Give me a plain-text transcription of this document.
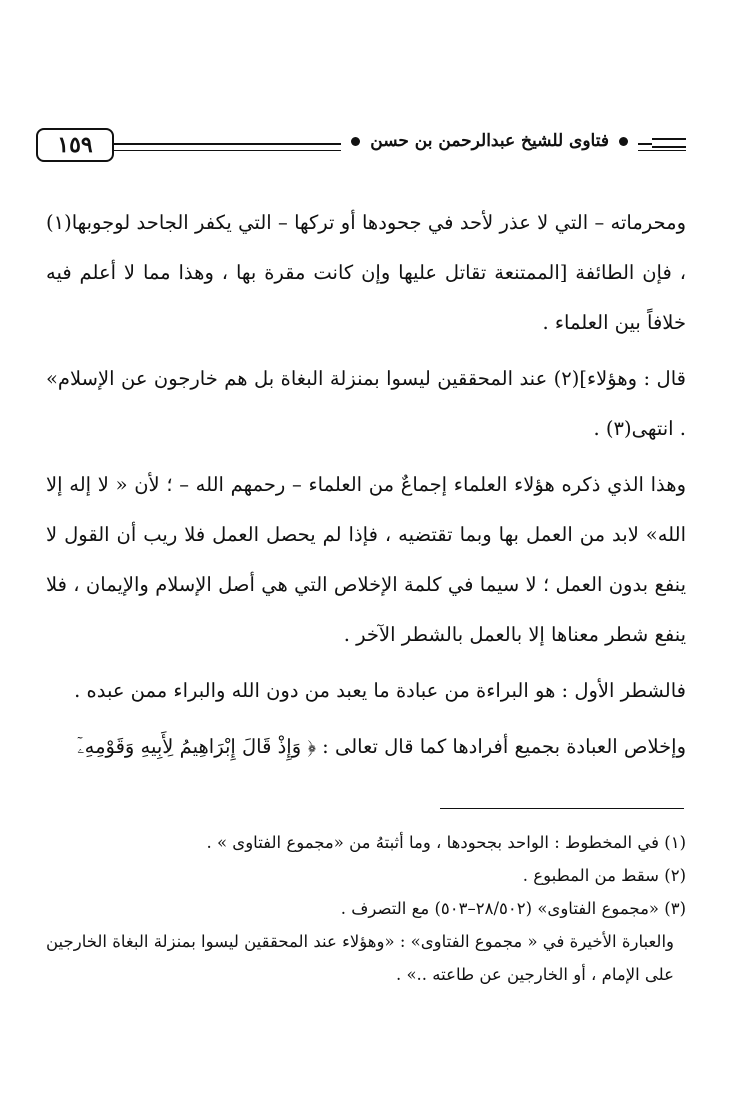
١٥٩	فتاوى للشيخ عبدالرحمن بن حسن

ومحرماته – التي لا عذر لأحد في جحودها أو تركها – التي يكفر الجاحد لوجوبها(١) ، فإن الطائفة [الممتنعة تقاتل عليها وإن كانت مقرة بها ، وهذا مما لا أعلم فيه خلافاً بين العلماء .

قال : وهؤلاء](٢) عند المحققين ليسوا بمنزلة البغاة بل هم خارجون عن الإسلام» . انتهى(٣) .

وهذا الذي ذكره هؤلاء العلماء إجماعٌ من العلماء – رحمهم الله – ؛ لأن « لا إله إلا الله» لابد من العمل بها وبما تقتضيه ، فإذا لم يحصل العمل فلا ريب أن القول لا ينفع بدون العمل ؛ لا سيما في كلمة الإخلاص التي هي أصل الإسلام والإيمان ، فلا ينفع شطر معناها إلا بالعمل بالشطر الآخر .

فالشطر الأول : هو البراءة من عبادة ما يعبد من دون الله والبراء ممن عبده .

وإخلاص العبادة بجميع أفرادها كما قال تعالى : ﴿ وَإِذْ قَالَ إِبْرَاهِيمُ لِأَبِيهِ وَقَوْمِهِۦٓ

(١) في المخطوط : الواحد بجحودها ، وما أثبتهُ من «مجموع الفتاوى » .
(٢) سقط من المطبوع .
(٣) «مجموع الفتاوى» (٢٨/٥٠٢–٥٠٣) مع التصرف .
والعبارة الأخيرة في « مجموع الفتاوى» : «وهؤلاء عند المحققين ليسوا بمنزلة البغاة الخارجين على الإمام ، أو الخارجين عن طاعته ..» .
